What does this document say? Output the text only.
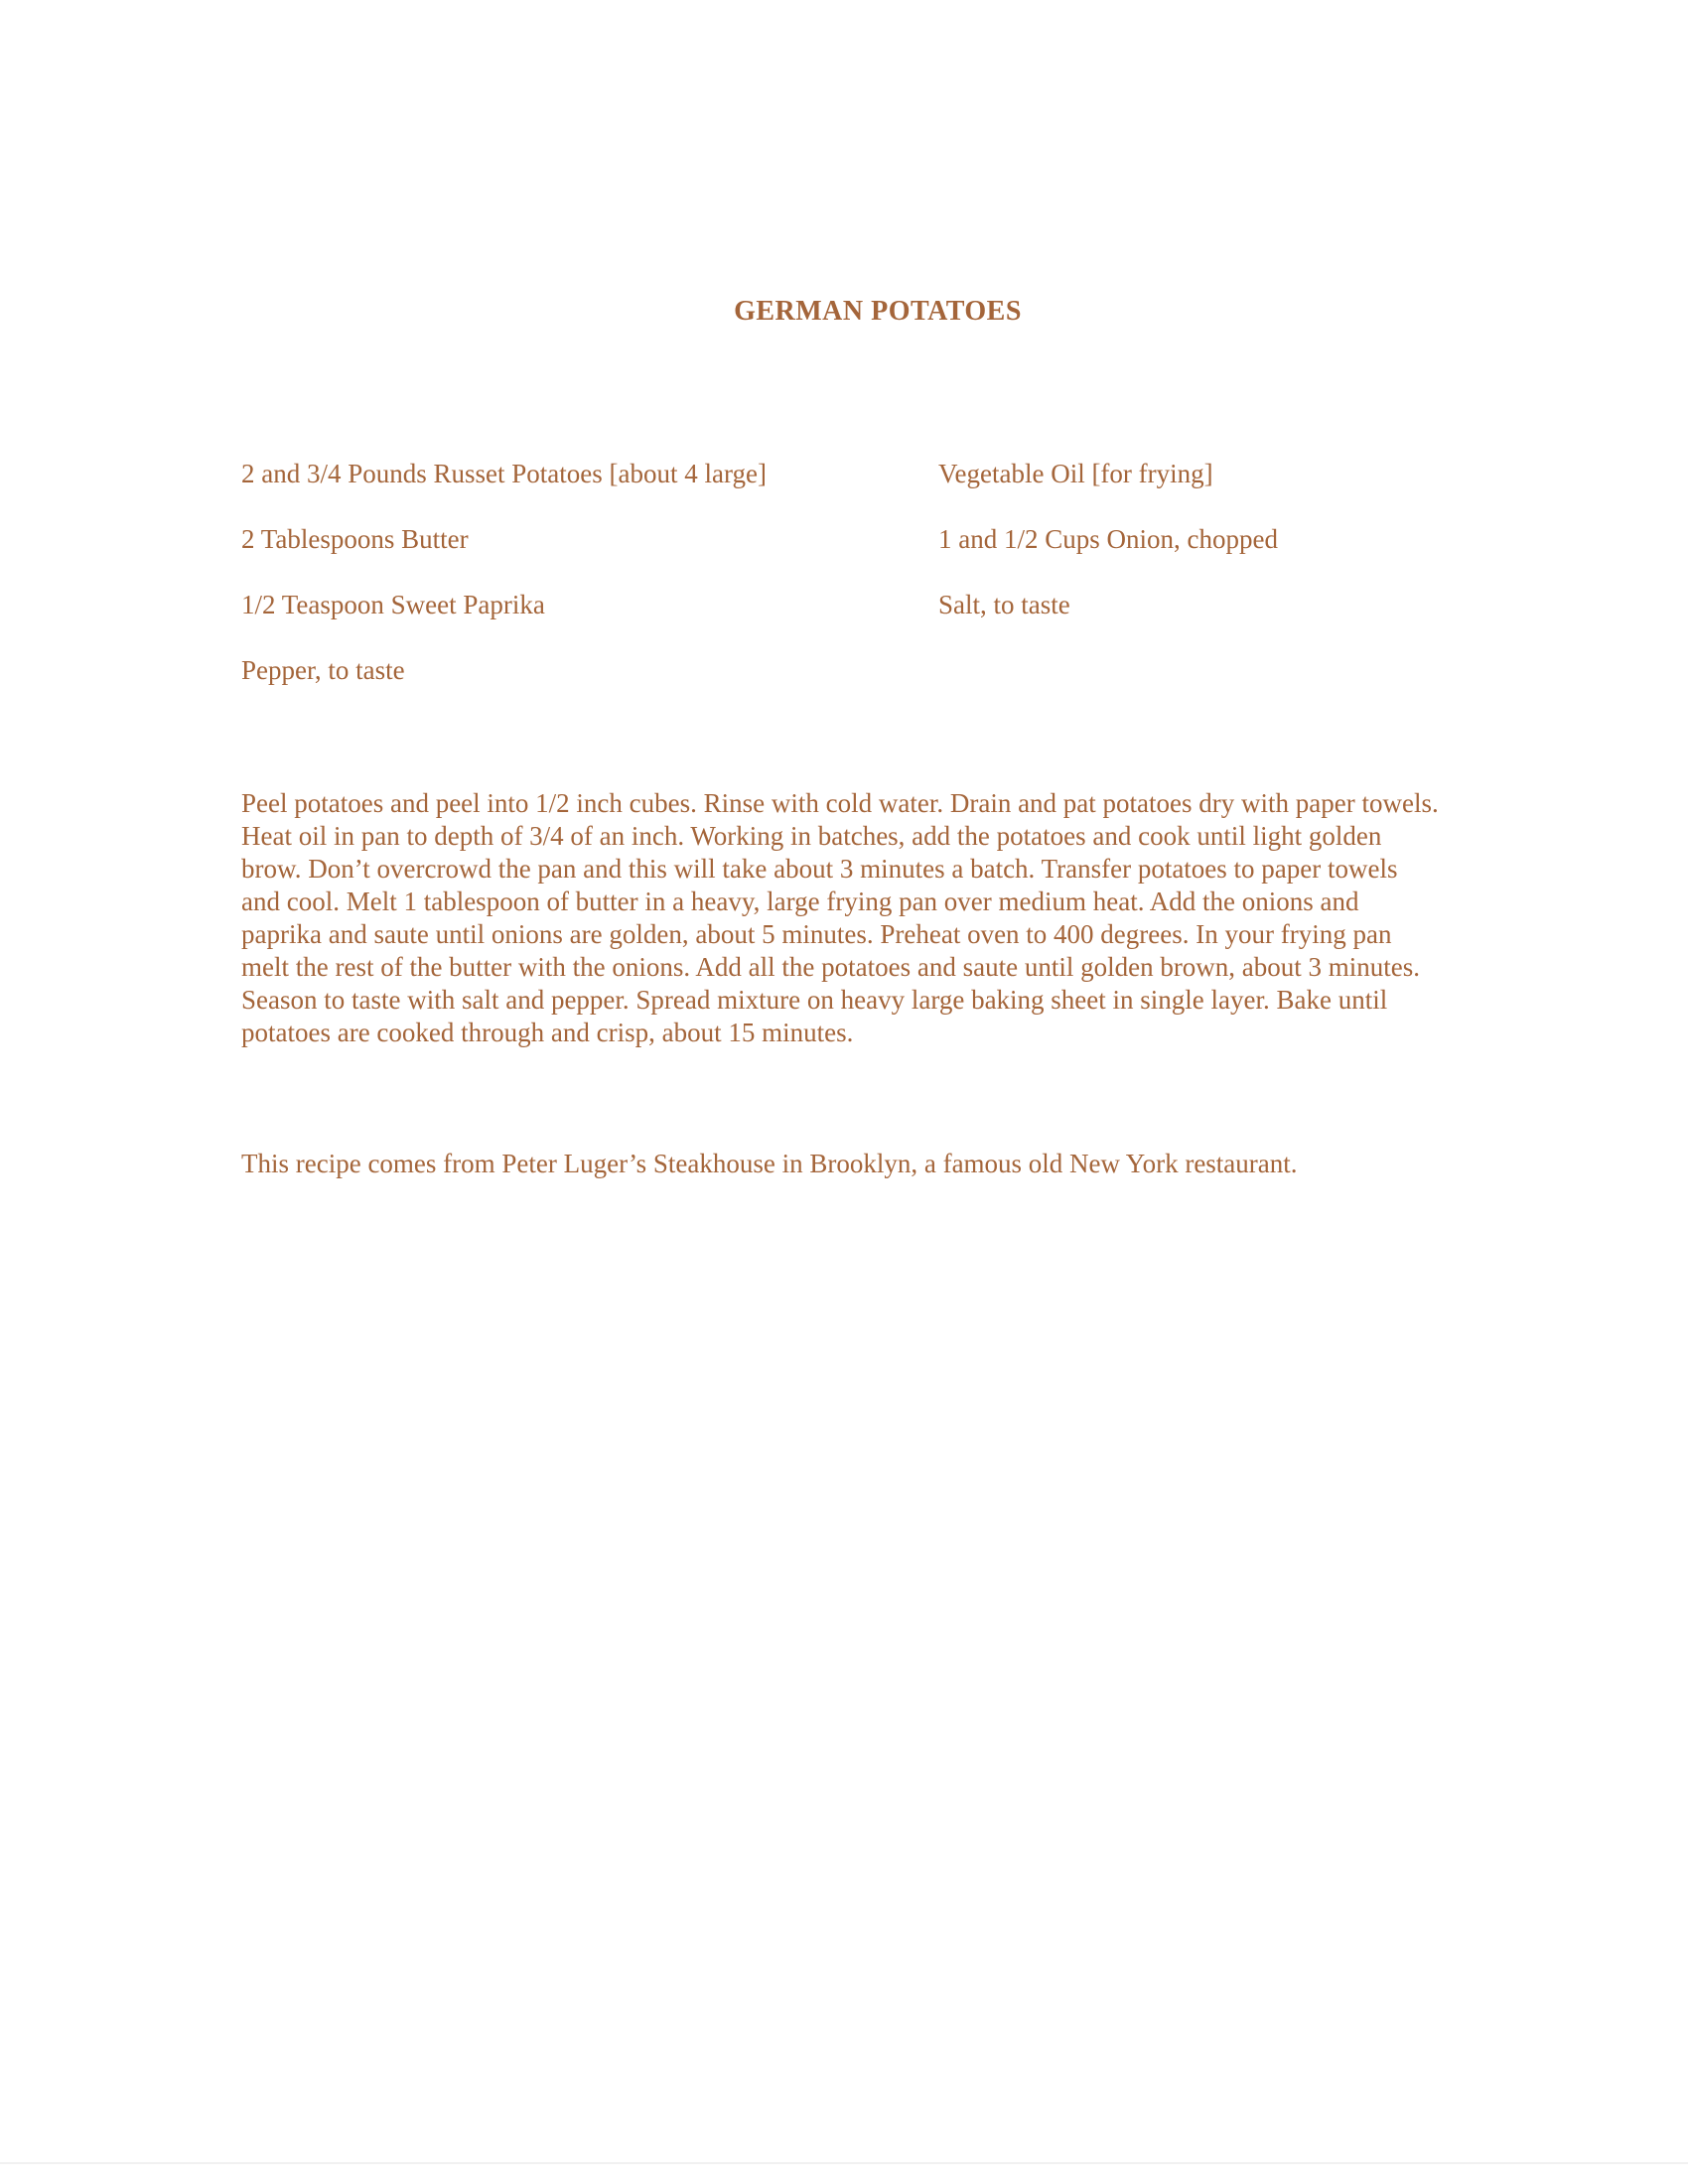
GERMAN POTATOES
2 and 3/4 Pounds Russet Potatoes [about 4 large]
2 Tablespoons Butter
1/2 Teaspoon Sweet Paprika
Pepper, to taste
Vegetable Oil [for frying]
1 and 1/2 Cups Onion, chopped
Salt, to taste
Peel potatoes and peel into 1/2 inch cubes. Rinse with cold water. Drain and pat potatoes dry with paper towels. Heat oil in pan to depth of 3/4 of an inch. Working in batches, add the potatoes and cook until light golden brow. Don’t overcrowd the pan and this will take about 3 minutes a batch. Transfer potatoes to paper towels and cool. Melt 1 tablespoon of butter in a heavy, large frying pan over medium heat. Add the onions and paprika and saute until onions are golden, about 5 minutes. Preheat oven to 400 degrees. In your frying pan melt the rest of the butter with the onions. Add all the potatoes and saute until golden brown, about 3 minutes. Season to taste with salt and pepper. Spread mixture on heavy large baking sheet in single layer. Bake until potatoes are cooked through and crisp, about 15 minutes.
This recipe comes from Peter Luger’s Steakhouse in Brooklyn, a famous old New York restaurant.
